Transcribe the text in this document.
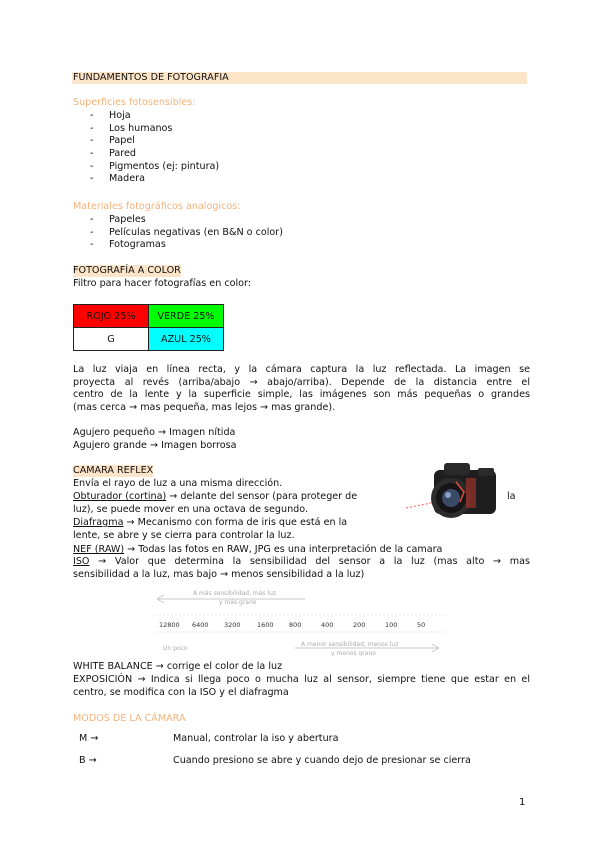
FUNDAMENTOS DE FOTOGRAFIA
Superficies fotosensibles:
- Hoja
- Los humanos
- Papel
- Pared
- Pigmentos (ej: pintura)
- Madera
Materiales fotográficos analogicos:
- Papeles
- Películas negativas (en B&N o color)
- Fotogramas
FOTOGRAFÍA A COLOR
Filtro para hacer fotografías en color:
ROJO 25%	VERDE 25%
G	AZUL 25%
La luz viaja en línea recta, y la cámara captura la luz reflectada. La imagen se
proyecta al revés (arriba/abajo → abajo/arriba). Depende de la distancia entre el
centro de la lente y la superficie simple, las imágenes son más pequeñas o grandes
(mas cerca → mas pequeña, mas lejos → mas grande).
Agujero pequeño → Imagen nítida
Agujero grande → Imagen borrosa
CAMARA REFLEX
Envía el rayo de luz a una misma dirección.
Obturador (cortina) → delante del sensor (para proteger de	la
luz), se puede mover en una octava de segundo.
Diafragma → Mecanismo con forma de iris que está en la
lente, se abre y se cierra para controlar la luz.
NEF (RAW) → Todas las fotos en RAW, JPG es una interpretación de la camara
ISO → Valor que determina la sensibilidad del sensor a la luz (mas alto → mas
sensibilidad a la luz, mas bajo → menos sensibilidad a la luz)
A más sensibilidad, más luz
y más grano
12800 6400 3200	1600 800	400	200	100	50
Un poco
A menor sensibilidad, menos luz
y menos grano
WHITE BALANCE → corrige el color de la luz
EXPOSICIÓN → Indica si llega poco o mucha luz al sensor, siempre tiene que estar en el
centro, se modifica con la ISO y el diafragma
MODOS DE LA CÁMARA
M →	Manual, controlar la iso y abertura
B →	Cuando presiono se abre y cuando dejo de presionar se cierra
1
